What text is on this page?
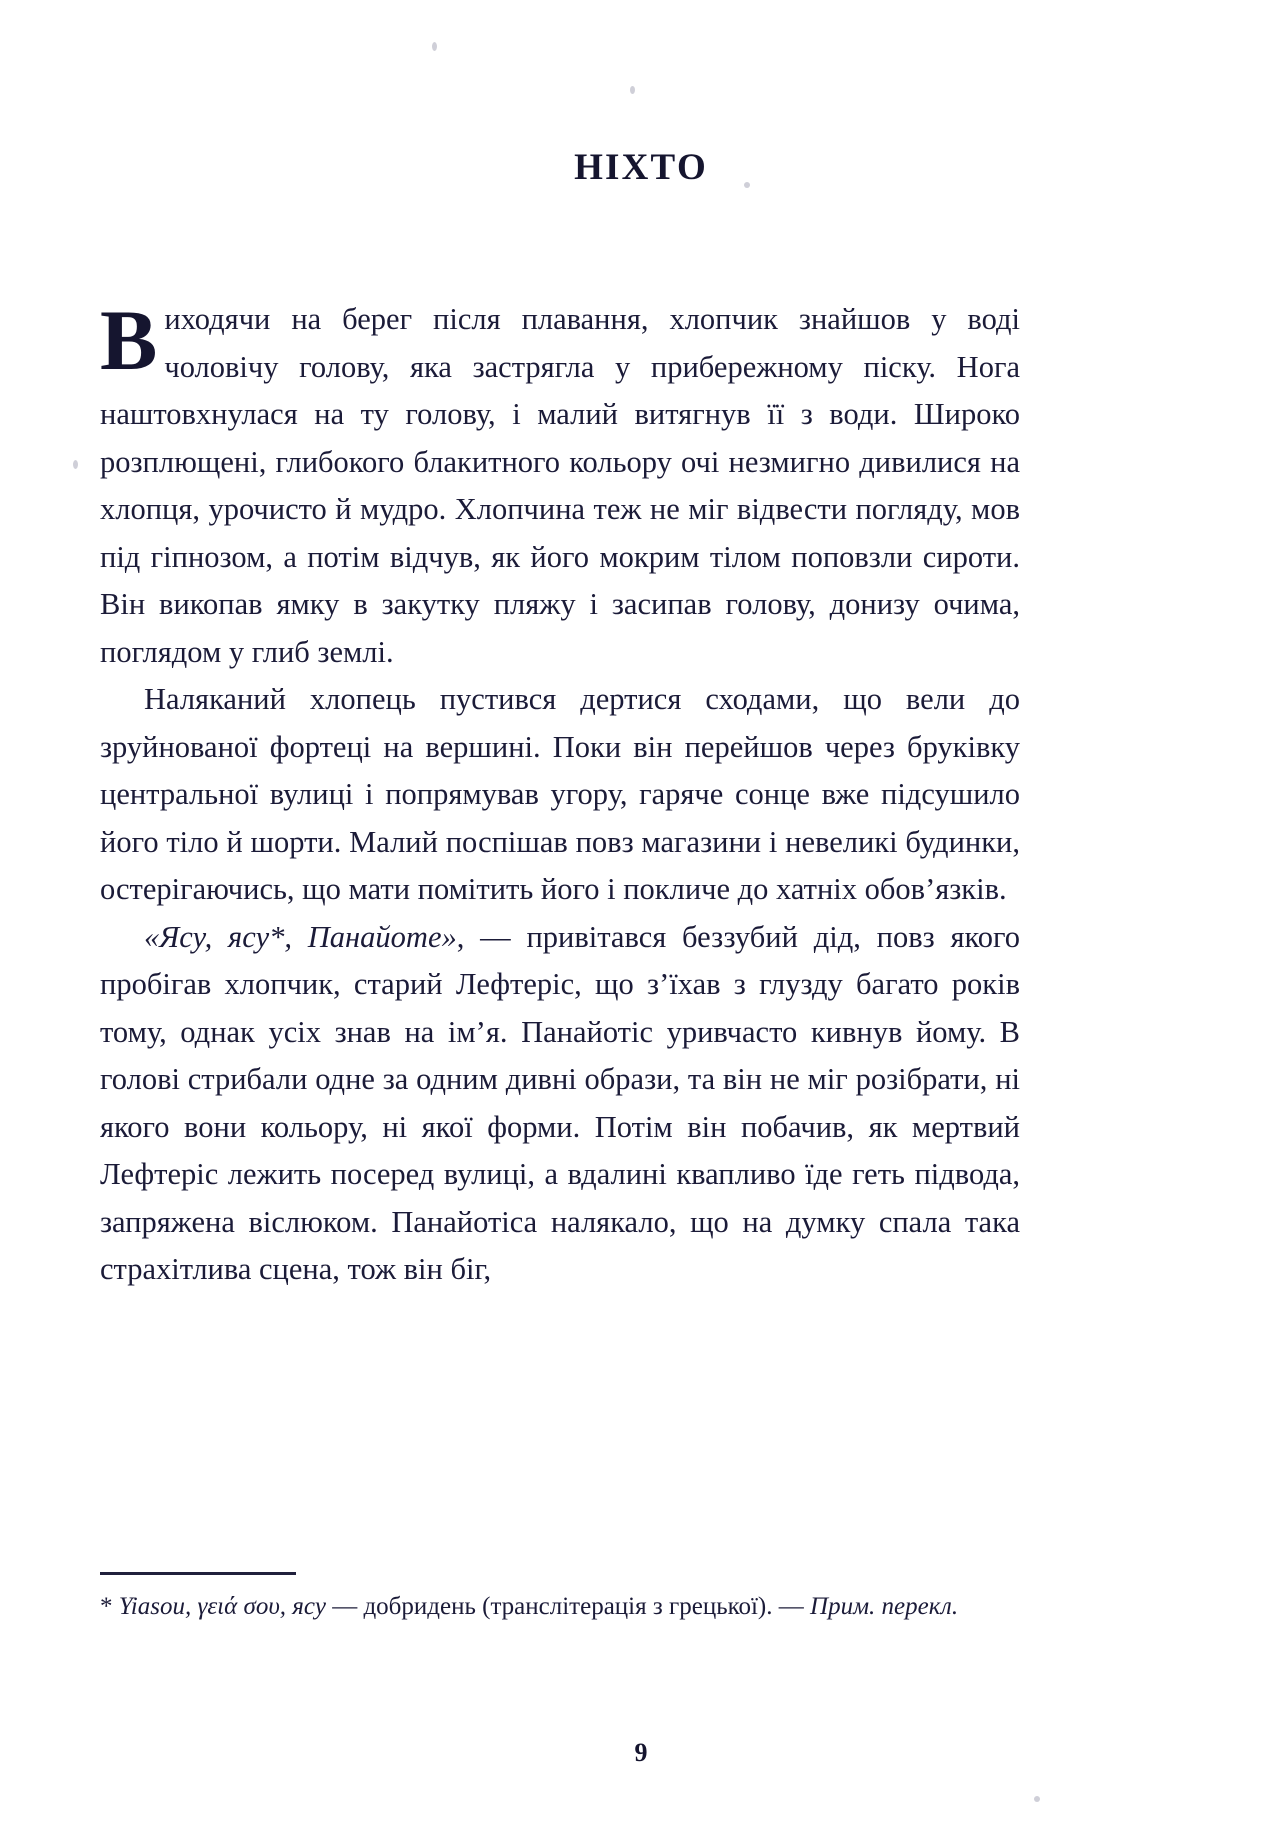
НІХТО

Виходячи на берег після плавання, хлопчик знайшов у воді чоловічу голову, яка застрягла у прибережному піску. Нога наштовхнулася на ту голову, і малий витягнув її з води. Широко розплющені, глибокого блакитного кольору очі незмигно дивилися на хлопця, урочисто й мудро. Хлопчина теж не міг відвести погляду, мов під гіпнозом, а потім відчув, як його мокрим тілом поповзли сироти. Він викопав ямку в закутку пляжу і засипав голову, донизу очима, поглядом у глиб землі.

Наляканий хлопець пустився дертися сходами, що вели до зруйнованої фортеці на вершині. Поки він перейшов через бруківку центральної вулиці і попрямував угору, гаряче сонце вже підсушило його тіло й шорти. Малий поспішав повз магазини і невеликі будинки, остерігаючись, що мати помітить його і покличе до хатніх обов’язків.

«Ясу, ясу*, Панайоте», — привітався беззубий дід, повз якого пробігав хлопчик, старий Лефтеріс, що з’їхав з глузду багато років тому, однак усіх знав на ім’я. Панайотіс уривчасто кивнув йому. В голові стрибали одне за одним дивні образи, та він не міг розібрати, ні якого вони кольору, ні якої форми. Потім він побачив, як мертвий Лефтеріс лежить посеред вулиці, а вдалині квапливо їде геть підвода, запряжена віслюком. Панайотіса налякало, що на думку спала така страхітлива сцена, тож він біг,

* Yiasou, γειά σου, ясу — добридень (транслітерація з грецької). — Прим. перекл.

9
